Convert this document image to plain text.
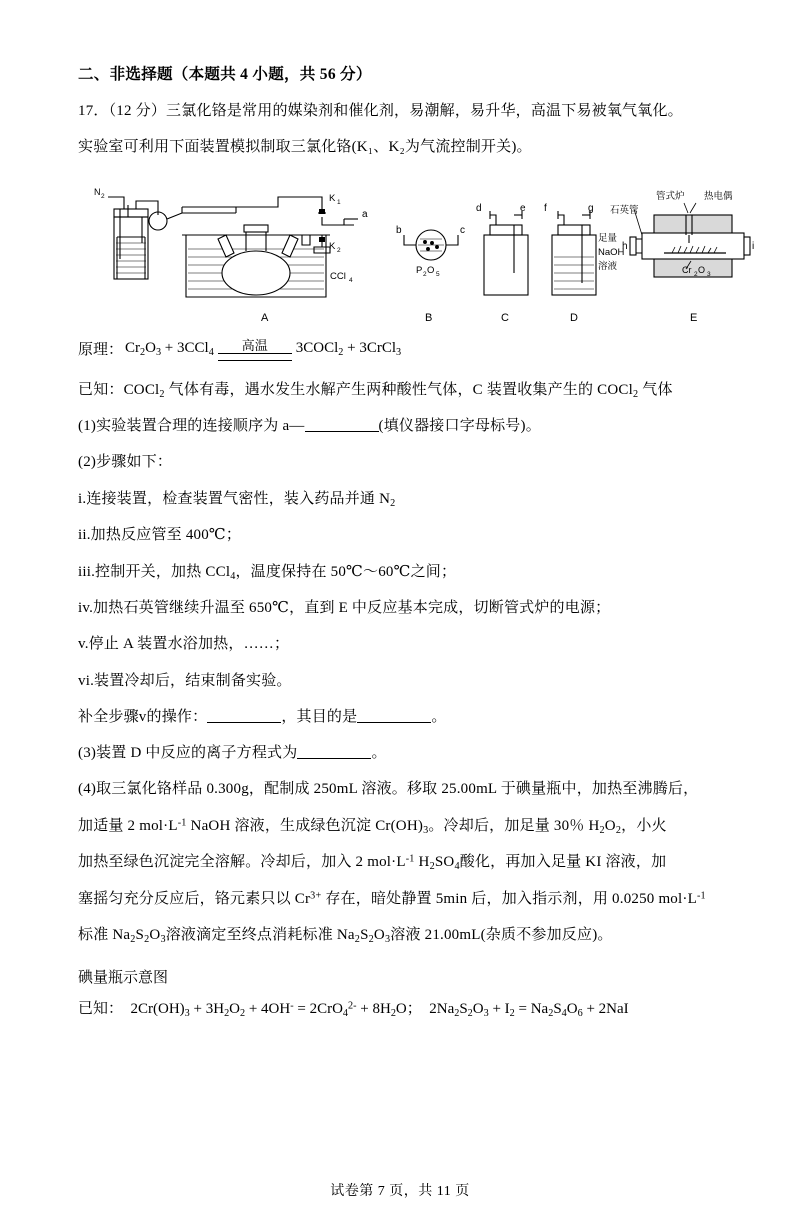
二、非选择题（本题共 4 小题，共 56 分）

17．（12 分）三氯化铬是常用的媒染剂和催化剂，易潮解，易升华，高温下易被氧气氧化。

实验室可利用下面装置模拟制取三氯化铬(K₁、K₂为气流控制开关)。

N 2	K 1
a
K 2
CCl 4
A
b	c
P 2 O 5
B
d	e
C
f	g
足量
NaOH
溶液
D
石英管
管式炉 热电偶
Cr 2 O 3
h	i
E
原理： $Cr_2O_3 + 3CCl_4$
高温	3COCl$_2$ + 3CrCl$_3$

已知：COCl$_2$ 气体有毒，遇水发生水解产生两种酸性气体，C 装置收集产生的 COCl$_2$ 气体

(1)实验装置合理的连接顺序为 a—	(填仪器接口字母标号)。

(2)步骤如下：

i.连接装置，检查装置气密性，装入药品并通 $N_2$

ii.加热反应管至 400℃；

iii.控制开关，加热 CCl$_4$，温度保持在 50℃～60℃之间；

iv.加热石英管继续升温至 650℃，直到 E 中反应基本完成，切断管式炉的电源；

v.停止 A 装置水浴加热，……；

vi.装置冷却后，结束制备实验。

补全步骤v的操作：	，其目的是	。

(3)装置 D 中反应的离子方程式为	。

(4)取三氯化铬样品 0.300g，配制成 250mL 溶液。移取 25.00mL 于碘量瓶中，加热至沸腾后，

加适量 2 $mol\cdot L^{-1}$ NaOH 溶液，生成绿色沉淀 $Cr(OH)_3$。冷却后，加足量 30％ $H_2O_2$，小火

加热至绿色沉淀完全溶解。冷却后，加入 2 $mol\cdot L^{-1}$ $H_2SO_4$酸化，再加入足量 KI 溶液，加

塞摇匀充分反应后，铬元素只以 $Cr^{3+}$ 存在，暗处静置 5min 后，加入指示剂，用 0.0250 $mol\cdot L^{-1}$

标准 $Na_2S_2O_3$溶液滴定至终点消耗标准 $Na_2S_2O_3$溶液 21.00mL(杂质不参加反应)。

碘量瓶示意图

已知：  $2Cr(OH)_3 + 3H_2O_2 + 4OH^- = 2CrO_4^{2-} + 8H_2O$；  $2Na_2S_2O_3 + I_2 = Na_2S_4O_6 + 2NaI$

试卷第 7 页，共 11 页
